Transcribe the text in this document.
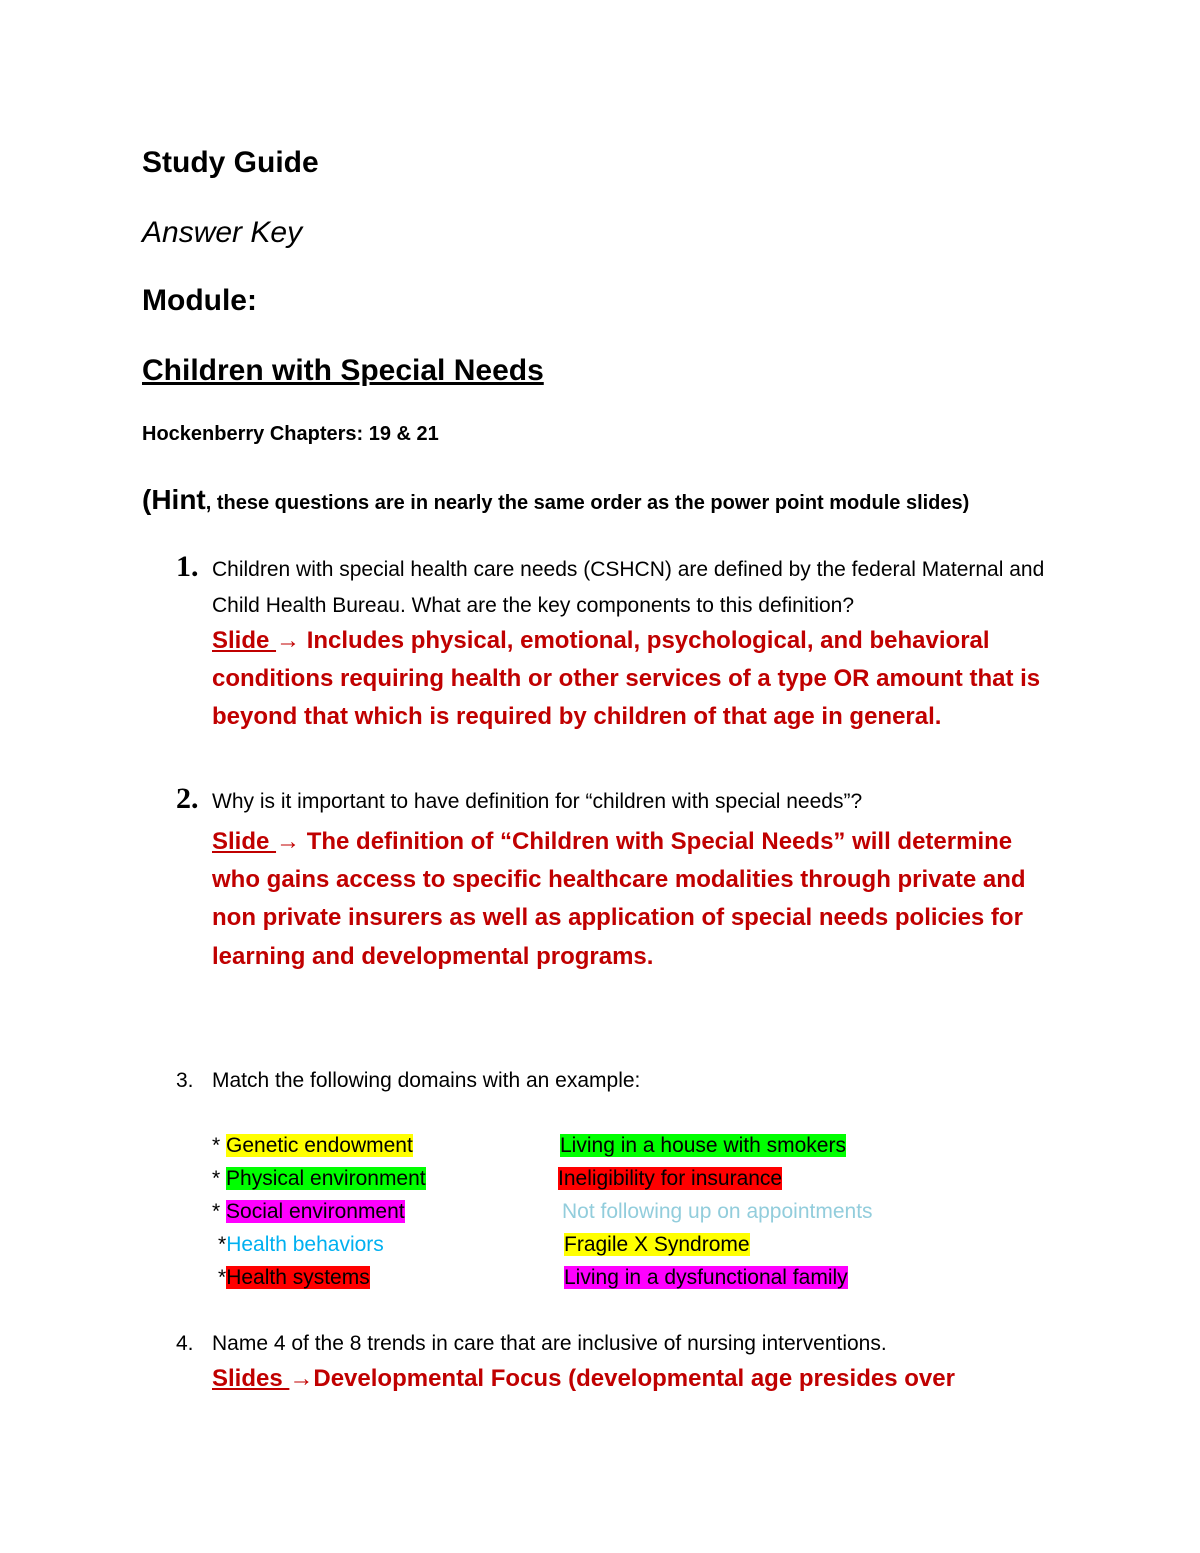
Study Guide
Answer Key
Module:
Children with Special Needs
Hockenberry Chapters: 19 & 21
(Hint, these questions are in nearly the same order as the power point module slides)
1. Children with special health care needs (CSHCN) are defined by the federal Maternal and
Child Health Bureau. What are the key components to this definition?
Slide → Includes physical, emotional, psychological, and behavioral
conditions requiring health or other services of a type OR amount that is
beyond that which is required by children of that age in general.
2. Why is it important to have definition for “children with special needs”?
Slide → The definition of “Children with Special Needs” will determine
who gains access to specific healthcare modalities through private and
non private insurers as well as application of special needs policies for
learning and developmental programs.
3. Match the following domains with an example:
* Genetic endowment
* Physical environment
* Social environment
*Health behaviors
*Health systems
Living in a house with smokers
Ineligibility for insurance
Not following up on appointments
Fragile X Syndrome
Living in a dysfunctional family
4. Name 4 of the 8 trends in care that are inclusive of nursing interventions.
Slides →Developmental Focus (developmental age presides over
